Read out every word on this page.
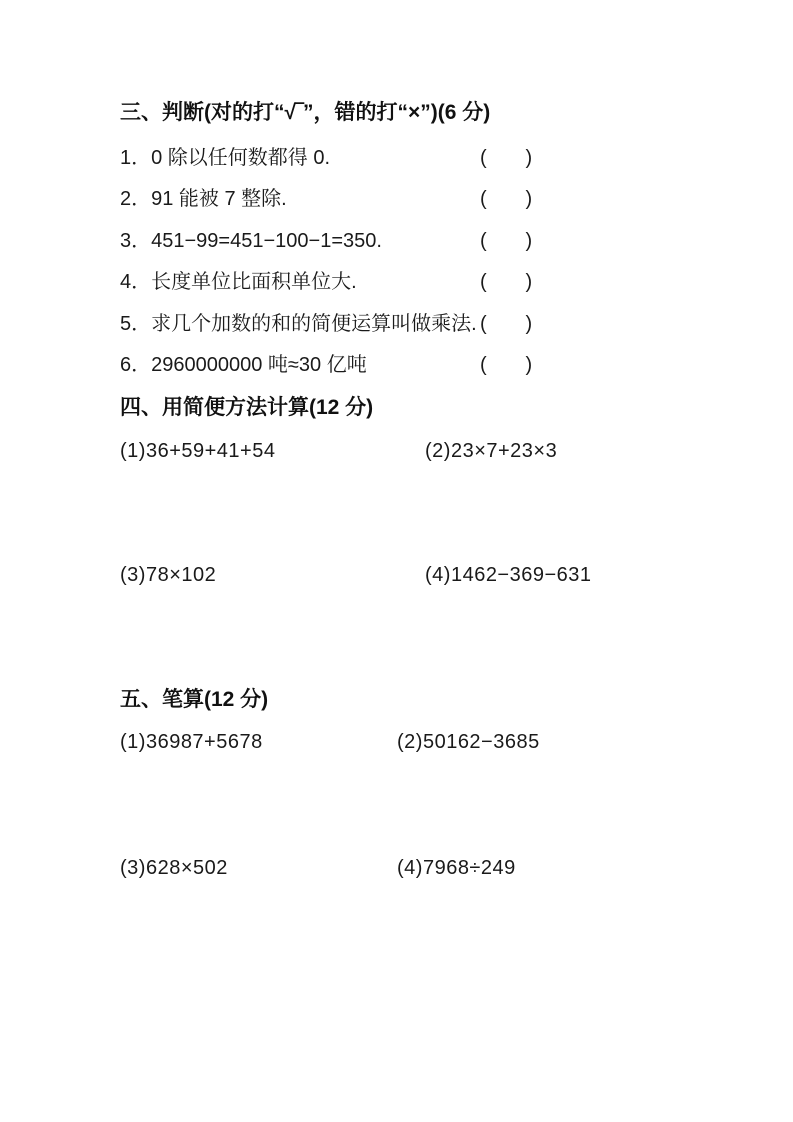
三、判断(对的打“√‾”，错的打“×”)(6 分)
1．0 除以任何数都得 0.	(       )
2．91 能被 7 整除.	(       )
3．451−99=451−100−1=350.	(       )
4．长度单位比面积单位大.	(       )
5．求几个加数的和的简便运算叫做乘法. (       )
6．2960000000 吨≈30 亿吨	(       )
四、用简便方法计算(12 分)
(1)36+59+41+54	(2)23×7+23×3
(3)78×102	(4)1462−369−631
五、笔算(12 分)
(1)36987+5678	(2)50162−3685
(3)628×502	(4)7968÷249
